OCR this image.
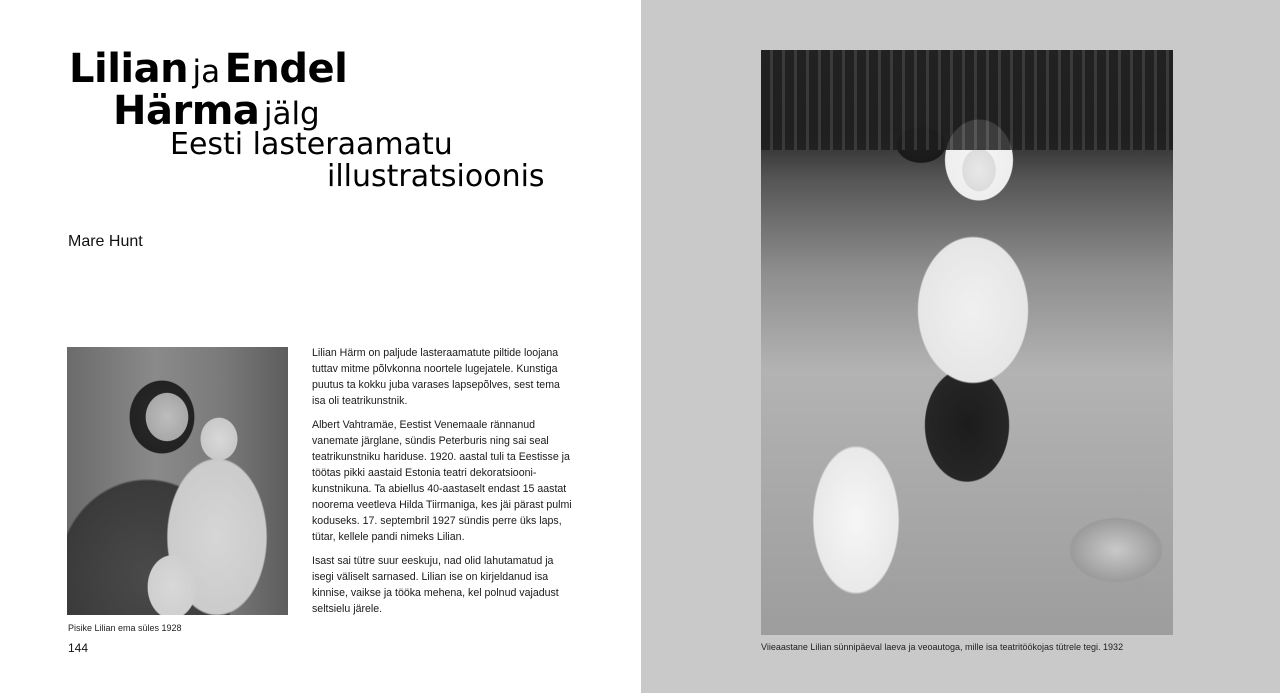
Lilian ja Endel
Härma jälg
Eesti lasteraamatu
illustratsioonis
Mare Hunt
Pisike Lilian ema süles 1928
144

Lilian Härm on paljude lasteraamatute piltide loojana tuttav mitme põlvkonna noortele lugejatele. Kunstiga puutus ta kokku juba varases lapsepõlves, sest tema isa oli teatrikunstnik.

Albert Vahtramäe, Eestist Venemaale rännanud vanemate järglane, sündis Peterburis ning sai seal teatrikunstniku hariduse. 1920. aastal tuli ta Eestisse ja töötas pikki aastaid Estonia teatri dekoratsiooni-kunstnikuna. Ta abiellus 40-aastaselt endast 15 aastat noorema veetleva Hilda Tiirmaniga, kes jäi pärast pulmi koduseks. 17. septembril 1927 sündis perre üks laps, tütar, kellele pandi nimeks Lilian.

Isast sai tütre suur eeskuju, nad olid lahutamatud ja isegi väliselt sarnased. Lilian ise on kirjeldanud isa kinnise, vaikse ja tööka mehena, kel polnud vajadust seltsielu järele.

Viieaastane Lilian sünnipäeval laeva ja veoautoga, mille isa teatritöökojas tütrele tegi. 1932
